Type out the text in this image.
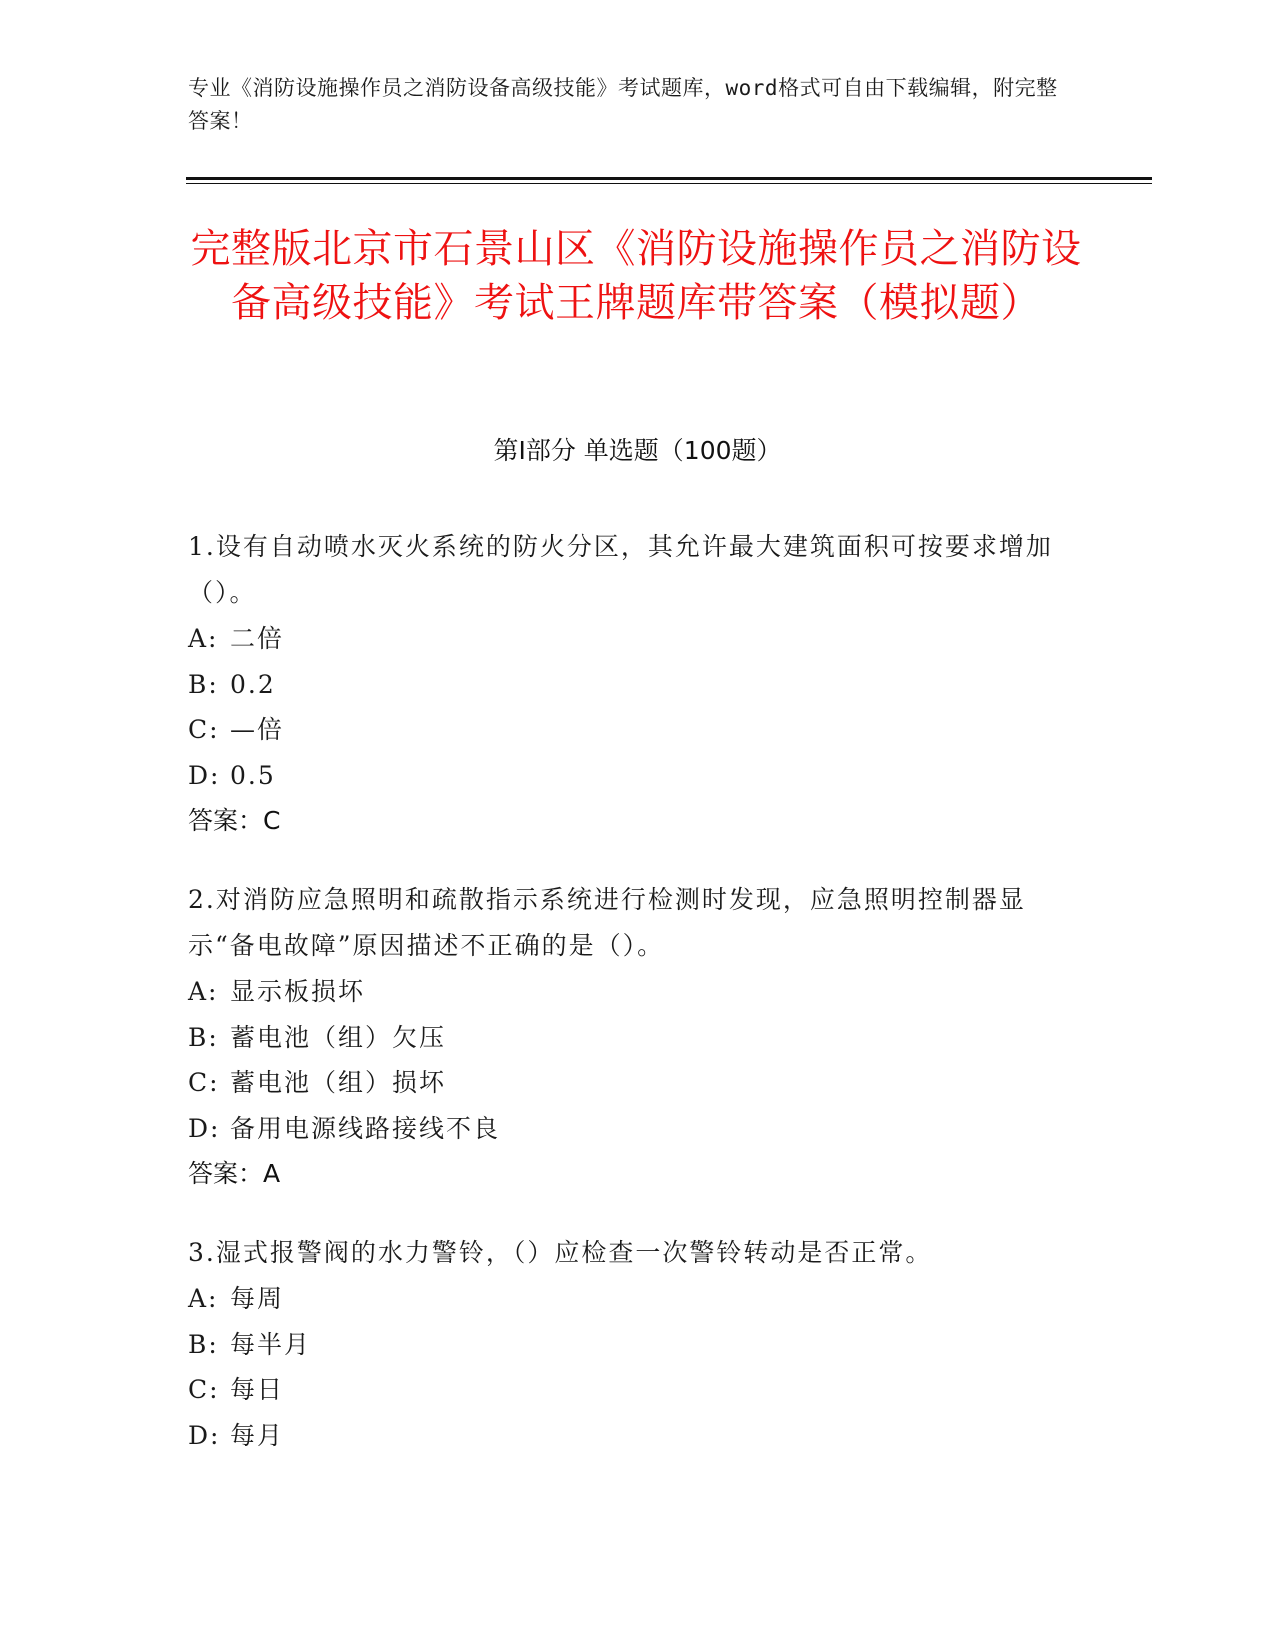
专业《消防设施操作员之消防设备高级技能》考试题库，word格式可自由下载编辑，附完整答案！
完整版北京市石景山区《消防设施操作员之消防设备高级技能》考试王牌题库带答案（模拟题）
第Ⅰ部分 单选题（100题）

1.设有自动喷水灭火系统的防火分区，其允许最大建筑面积可按要求增加（）。

A: 二倍

B: 0.2

C: —倍

D: 0.5

答案：C

2.对消防应急照明和疏散指示系统进行检测时发现，应急照明控制器显示“备电故障”原因描述不正确的是（）。

A: 显示板损坏

B: 蓄电池（组）欠压

C: 蓄电池（组）损坏

D: 备用电源线路接线不良

答案：A

3.湿式报警阀的水力警铃，（）应检查一次警铃转动是否正常。

A: 每周

B: 每半月

C: 每日

D: 每月
